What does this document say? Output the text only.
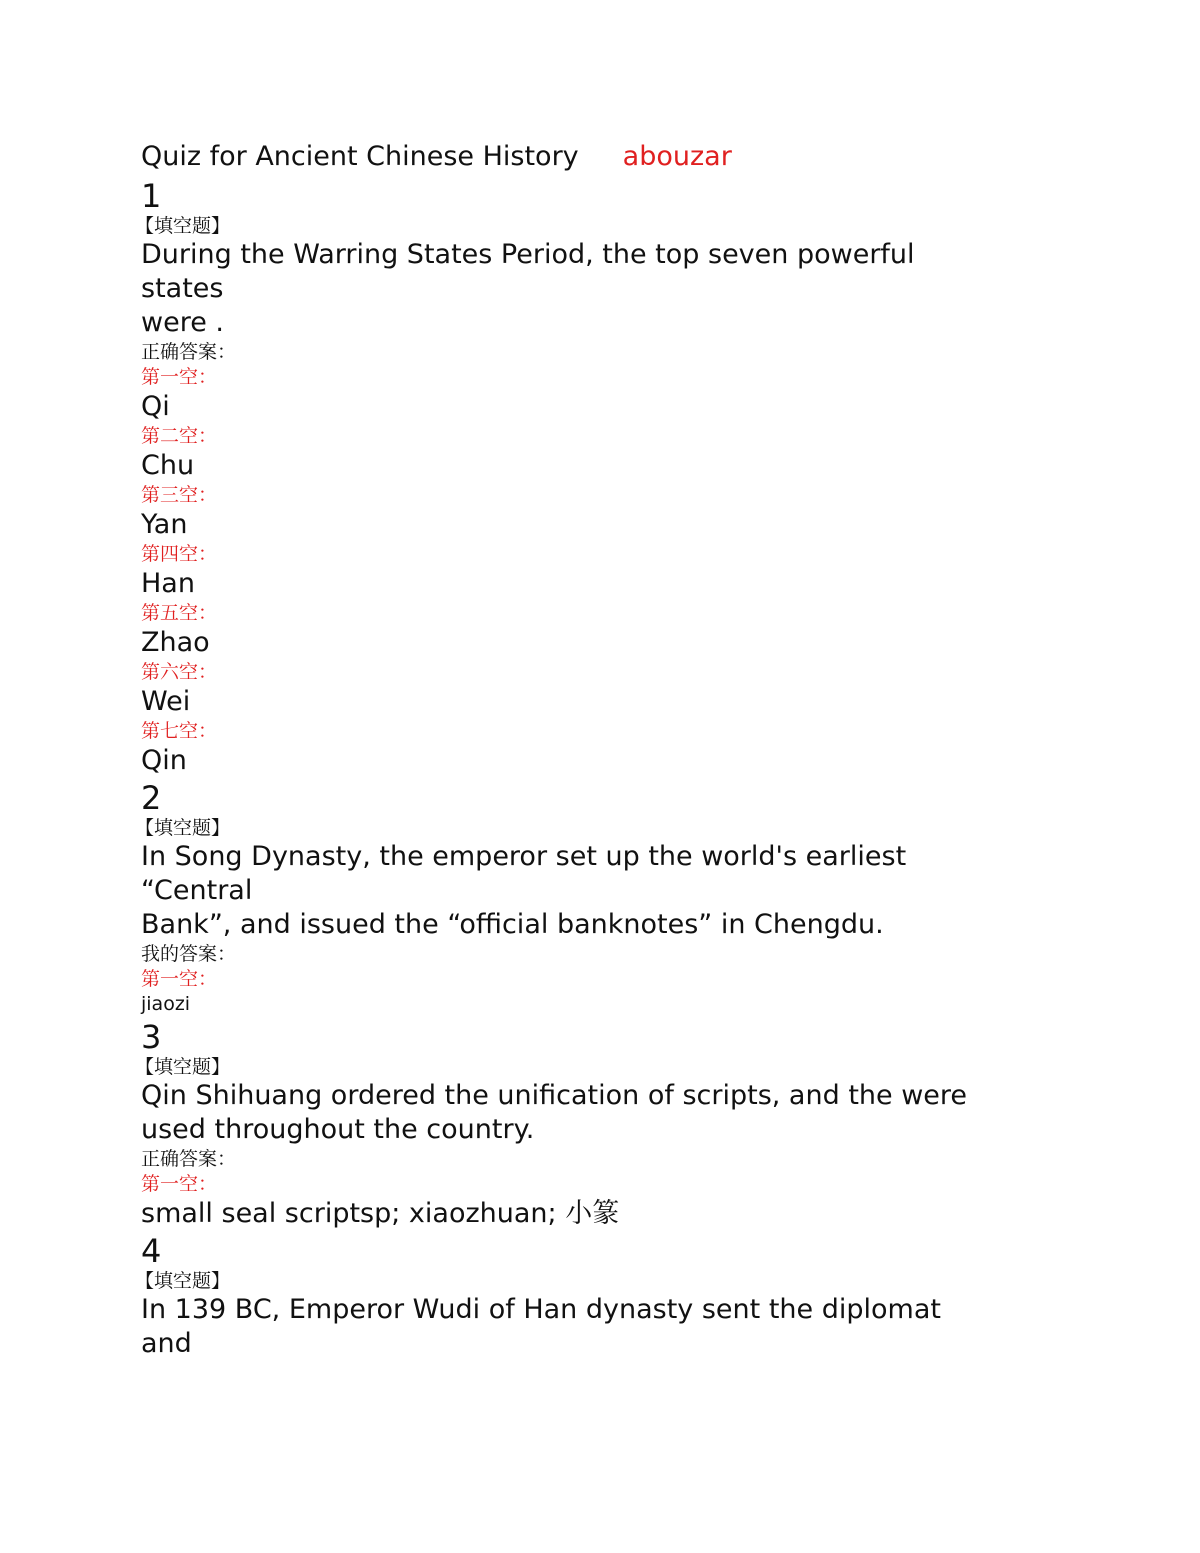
Quiz for Ancient Chinese History abouzar
1
【填空题】
During the Warring States Period, the top seven powerful
states
were .
正确答案：
第一空：
Qi
第二空：
Chu
第三空：
Yan
第四空：
Han
第五空：
Zhao
第六空：
Wei
第七空：
Qin
2
【填空题】
In Song Dynasty, the emperor set up the world's earliest
“Central
Bank”, and issued the “official banknotes” in Chengdu.
我的答案：
第一空：
jiaozi
3
【填空题】
Qin Shihuang ordered the unification of scripts, and the were
used throughout the country.
正确答案：
第一空：
small seal scriptsp; xiaozhuan; 小篆
4
【填空题】
In 139 BC, Emperor Wudi of Han dynasty sent the diplomat
and
